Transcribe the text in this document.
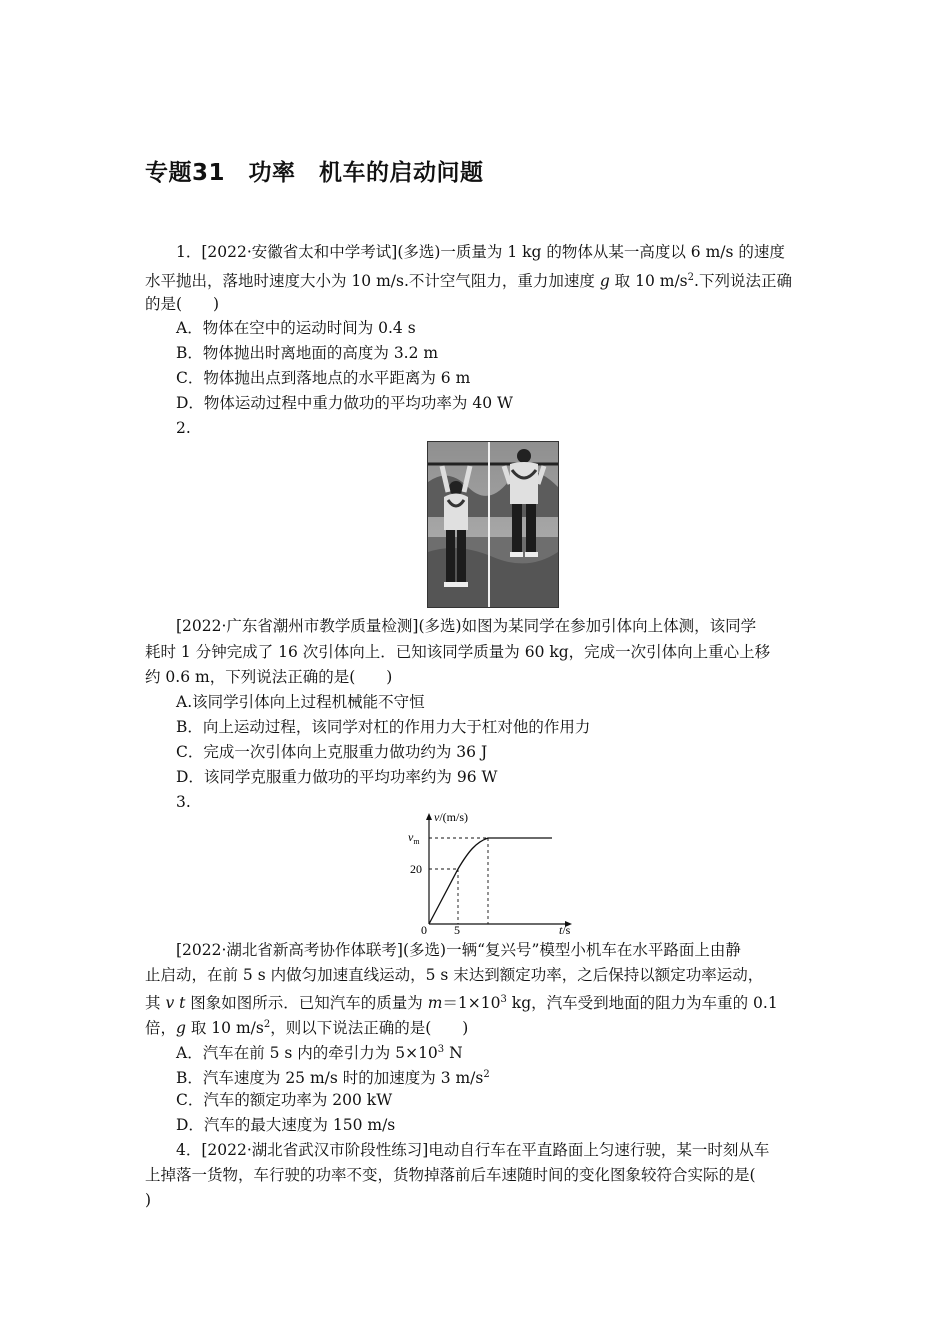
专题31　功率　机车的启动问题
1．[2022·安徽省太和中学考试](多选)一质量为 1 kg 的物体从某一高度以 6 m/s 的速度
水平抛出，落地时速度大小为 10 m/s.不计空气阻力，重力加速度 g 取 10 $m/s^2$.下列说法正确
的是(　　)
A．物体在空中的运动时间为 0.4 s
B．物体抛出时离地面的高度为 3.2 m
C．物体抛出点到落地点的水平距离为 6 m
D．物体运动过程中重力做功的平均功率为 40 W
2.
[2022·广东省潮州市教学质量检测](多选)如图为某同学在参加引体向上体测，该同学
耗时 1 分钟完成了 16 次引体向上．已知该同学质量为 60 kg，完成一次引体向上重心上移
约 0.6 m，下列说法正确的是(　　)
A.该同学引体向上过程机械能不守恒
B．向上运动过程，该同学对杠的作用力大于杠对他的作用力
C．完成一次引体向上克服重力做功约为 36 J
D．该同学克服重力做功的平均功率约为 96 W
3.
v/(m/s)
$v_m$
20
0 5	t/s
[2022·湖北省新高考协作体联考](多选)一辆“复兴号”模型小机车在水平路面上由静
止启动，在前 5 s 内做匀加速直线运动，5 s 末达到额定功率，之后保持以额定功率运动，
其 v t 图象如图所示．已知汽车的质量为 $m=1\times 10^3$ kg，汽车受到地面的阻力为车重的 0.1
倍，g 取 10 $m/s^2$，则以下说法正确的是(　　)
A．汽车在前 5 s 内的牵引力为 $5\times 10^3$ N
B．汽车速度为 25 m/s 时的加速度为 3 $m/s^2$
C．汽车的额定功率为 200 kW
D．汽车的最大速度为 150 m/s
4．[2022·湖北省武汉市阶段性练习]电动自行车在平直路面上匀速行驶，某一时刻从车
上掉落一货物，车行驶的功率不变，货物掉落前后车速随时间的变化图象较符合实际的是(
)
